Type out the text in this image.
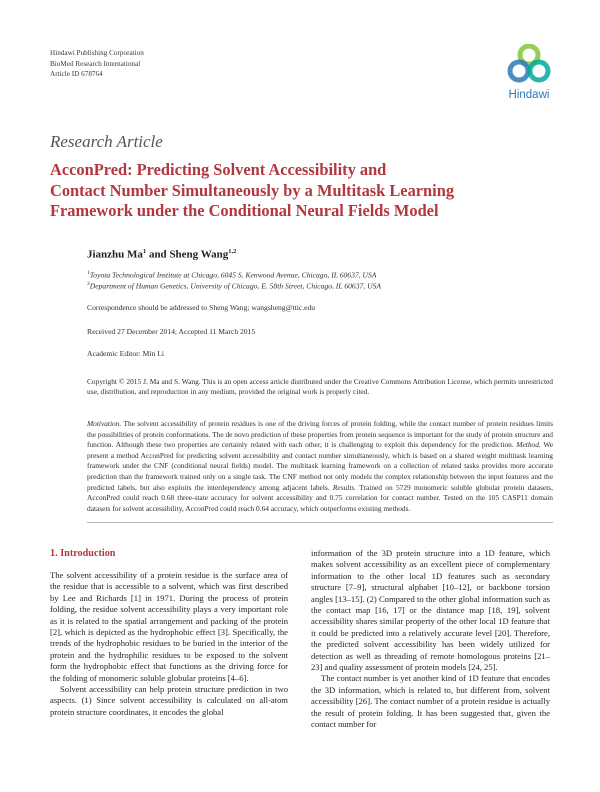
Hindawi Publishing Corporation
BioMed Research International
Article ID 678764
Hindawi
Research Article
AcconPred: Predicting Solvent Accessibility and
Contact Number Simultaneously by a Multitask Learning
Framework under the Conditional Neural Fields Model
Jianzhu Ma$^1$ and Sheng Wang$^{1,2}$
$^1$Toyota Technological Institute at Chicago, 6045 S. Kenwood Avenue, Chicago, IL 60637, USA
$^2$Department of Human Genetics, University of Chicago, E. 58th Street, Chicago, IL 60637, USA
Correspondence should be addressed to Sheng Wang; wangsheng@ttic.edu
Received 27 December 2014; Accepted 11 March 2015
Academic Editor: Min Li
Copyright © 2015 J. Ma and S. Wang. This is an open access article distributed under the Creative Commons Attribution License, which permits unrestricted use, distribution, and reproduction in any medium, provided the original work is properly cited.
Motivation. The solvent accessibility of protein residues is one of the driving forces of protein folding, while the contact number of protein residues limits the possibilities of protein conformations. The de novo prediction of these properties from protein sequence is important for the study of protein structure and function. Although these two properties are certainly related with each other, it is challenging to exploit this dependency for the prediction. Method. We present a method AcconPred for predicting solvent accessibility and contact number simultaneously, which is based on a shared weight multitask learning framework under the CNF (conditional neural fields) model. The multitask learning framework on a collection of related tasks provides more accurate prediction than the framework trained only on a single task. The CNF method not only models the complex relationship between the input features and the predicted labels, but also exploits the interdependency among adjacent labels. Results. Trained on 5729 monomeric soluble globular protein datasets, AcconPred could reach 0.68 three-state accuracy for solvent accessibility and 0.75 correlation for contact number. Tested on the 105 CASP11 domain datasets for solvent accessibility, AcconPred could reach 0.64 accuracy, which outperforms existing methods.
1. Introduction

The solvent accessibility of a protein residue is the surface area of the residue that is accessible to a solvent, which was first described by Lee and Richards [1] in 1971. During the process of protein folding, the residue solvent accessibility plays a very important role as it is related to the spatial arrangement and packing of the protein [2], which is depicted as the hydrophobic effect [3]. Specifically, the trends of the hydrophobic residues to be buried in the interior of the protein and the hydrophilic residues to be exposed to the solvent form the hydrophobic effect that functions as the driving force for the folding of monomeric soluble globular proteins [4–6].

Solvent accessibility can help protein structure prediction in two aspects. (1) Since solvent accessibility is calculated on all-atom protein structure coordinates, it encodes the global

information of the 3D protein structure into a 1D feature, which makes solvent accessibility as an excellent piece of complementary information to the other local 1D features such as secondary structure [7–9], structural alphabet [10–12], or backbone torsion angles [13–15]. (2) Compared to the other global information such as the contact map [16, 17] or the distance map [18, 19], solvent accessibility shares similar property of the other local 1D feature that it could be predicted into a relatively accurate level [20]. Therefore, the predicted solvent accessibility has been widely utilized for detection as well as threading of remote homologous proteins [21–23] and quality assessment of protein models [24, 25].

The contact number is yet another kind of 1D feature that encodes the 3D information, which is related to, but different from, solvent accessibility [26]. The contact number of a protein residue is actually the result of protein folding. It has been suggested that, given the contact number for
